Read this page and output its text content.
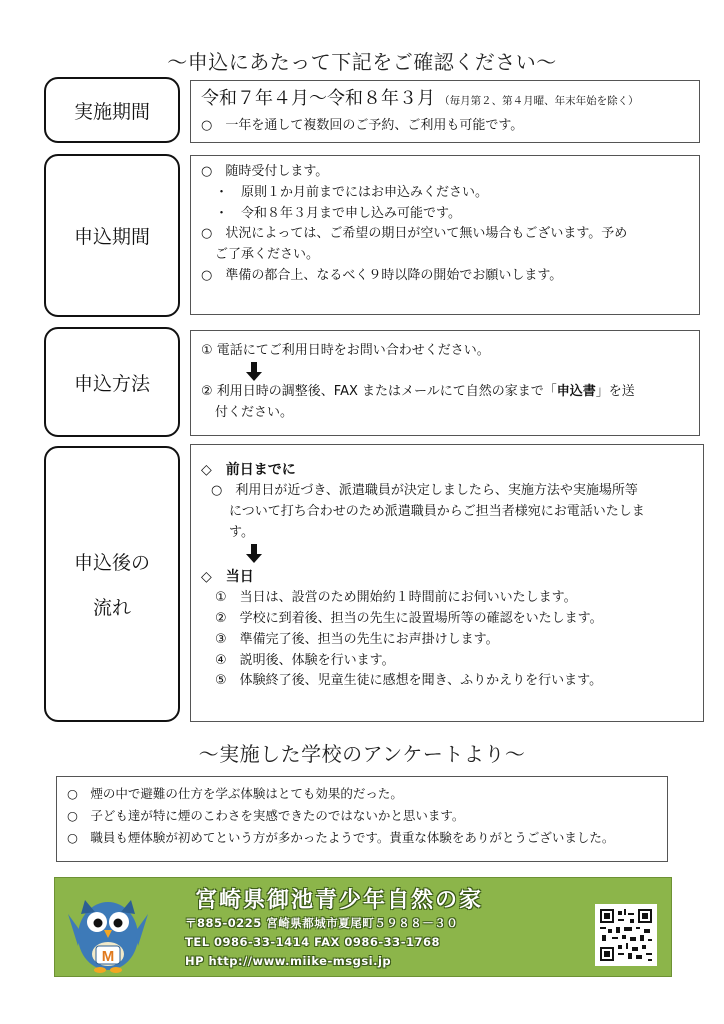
～申込にあたって下記をご確認ください～
実施期間
令和７年４月～令和８年３月 （毎月第２、第４月曜、年末年始を除く）
○　一年を通して複数回のご予約、ご利用も可能です。
申込期間
○　随時受付します。
・　原則１か月前までにはお申込みください。
・　令和８年３月まで申し込み可能です。
○　状況によっては、ご希望の期日が空いて無い場合もございます。予め
ご了承ください。
○　準備の都合上、なるべく９時以降の開始でお願いします。
申込方法
① 電話にてご利用日時をお問い合わせください。
② 利用日時の調整後、FAX またはメールにて自然の家まで「申込書」を送
付ください。
申込後の
流れ
◇　前日までに
○　利用日が近づき、派遣職員が決定しましたら、実施方法や実施場所等
について打ち合わせのため派遣職員からご担当者様宛にお電話いたしま
す。
◇　当日
①　当日は、設営のため開始約１時間前にお伺いいたします。
②　学校に到着後、担当の先生に設置場所等の確認をいたします。
③　準備完了後、担当の先生にお声掛けします。
④　説明後、体験を行います。
⑤　体験終了後、児童生徒に感想を聞き、ふりかえりを行います。
～実施した学校のアンケートより～
○　煙の中で避難の仕方を学ぶ体験はとても効果的だった。
○　子ども達が特に煙のこわさを実感できたのではないかと思います。
○　職員も煙体験が初めてという方が多かったようです。貴重な体験をありがとうございました。
M
宮崎県御池青少年自然の家
〒885-0225 宮崎県都城市夏尾町５９８８－３０
TEL 0986-33-1414 FAX 0986-33-1768
HP http://www.miike-msgsi.jp
